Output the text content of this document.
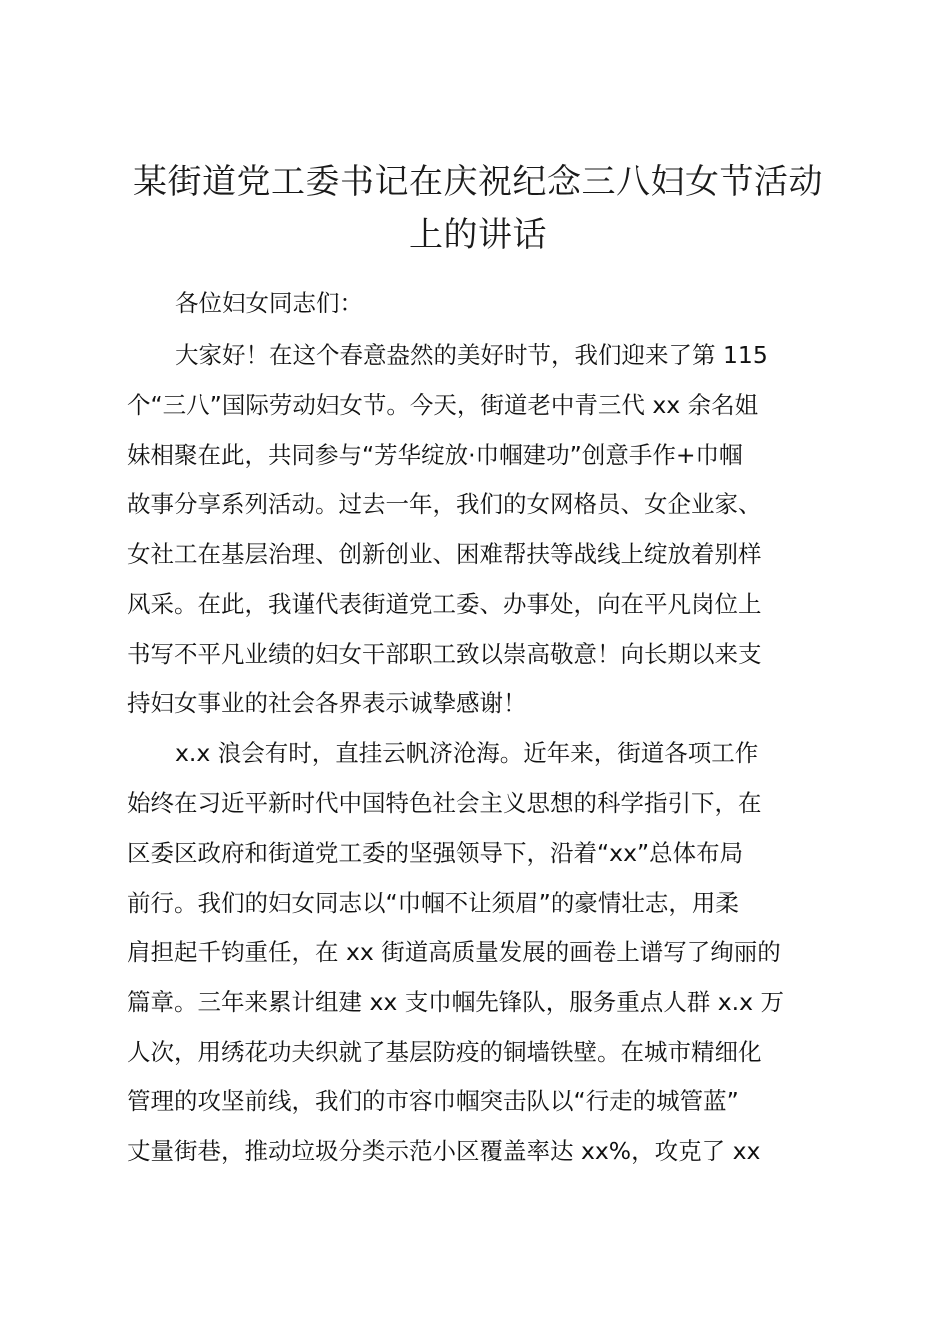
某街道党工委书记在庆祝纪念三八妇女节活动
上的讲话

各位妇女同志们：

大家好！在这个春意盎然的美好时节，我们迎来了第 115

个“三八”国际劳动妇女节。今天，街道老中青三代 xx 余名姐

妹相聚在此，共同参与“芳华绽放·巾帼建功”创意手作+巾帼

故事分享系列活动。过去一年，我们的女网格员、女企业家、

女社工在基层治理、创新创业、困难帮扶等战线上绽放着别样

风采。在此，我谨代表街道党工委、办事处，向在平凡岗位上

书写不平凡业绩的妇女干部职工致以崇高敬意！向长期以来支

持妇女事业的社会各界表示诚挚感谢！

x.x 浪会有时，直挂云帆济沧海。近年来，街道各项工作

始终在习近平新时代中国特色社会主义思想的科学指引下，在

区委区政府和街道党工委的坚强领导下，沿着“xx”总体布局

前行。我们的妇女同志以“巾帼不让须眉”的豪情壮志，用柔

肩担起千钧重任，在 xx 街道高质量发展的画卷上谱写了绚丽的

篇章。三年来累计组建 xx 支巾帼先锋队，服务重点人群 x.x 万

人次，用绣花功夫织就了基层防疫的铜墙铁壁。在城市精细化

管理的攻坚前线，我们的市容巾帼突击队以“行走的城管蓝”

丈量街巷，推动垃圾分类示范小区覆盖率达 xx%，攻克了 xx
